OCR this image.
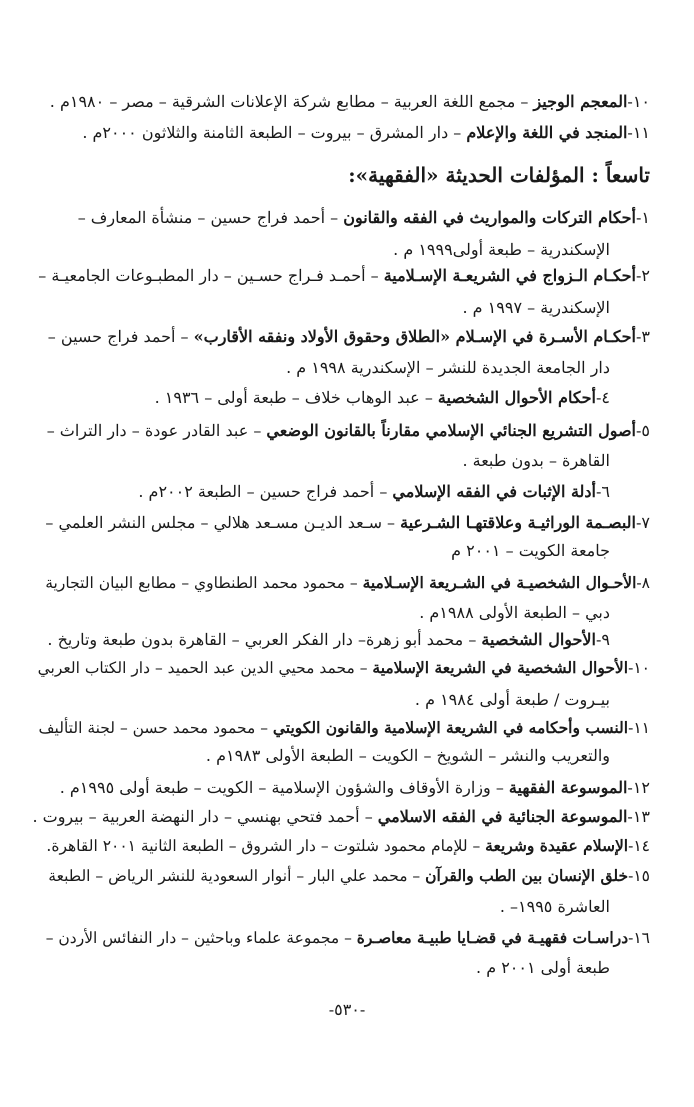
١٠-المعجم الوجيز – مجمع اللغة العربية – مطابع شركة الإعلانات الشرقية – مصر – ١٩٨٠م .
١١-المنجد في اللغة والإعلام – دار المشرق – بيروت – الطبعة الثامنة والثلاثون ٢٠٠٠م .
تاسعاً : المؤلفات الحديثة «الفقهية»:
١-أحكام التركات والمواريث في الفقه والقانون – أحمد فراج حسين – منشأة المعارف –
الإسكندرية – طبعة أولى١٩٩٩ م .
٢-أحكـام الـزواج في الشريعـة الإسـلامية – أحمـد فـراج حسـين – دار المطبـوعات الجامعيـة –
الإسكندرية – ١٩٩٧ م .
٣-أحكـام الأسـرة في الإسـلام «الطلاق وحقوق الأولاد ونفقه الأقارب» – أحمد فراج حسين –
دار الجامعة الجديدة للنشر – الإسكندرية ١٩٩٨ م .
٤-أحكام الأحوال الشخصية – عبد الوهاب خلاف – طبعة أولى – ١٩٣٦ .
٥-أصول التشريع الجنائي الإسلامي مقارناً بالقانون الوضعي – عبد القادر عودة – دار التراث –
القاهرة – بدون طبعة .
٦-أدلة الإثبات في الفقه الإسلامي – أحمد فراج حسين – الطبعة ٢٠٠٢م .
٧-البصـمة الوراثيـة وعلاقتهـا الشـرعية – سـعد الديـن مسـعد هلالي – مجلس النشر العلمي –
جامعة الكويت – ٢٠٠١ م
٨-الأحـوال الشخصيـة في الشـريعة الإسـلامية – محمود محمد الطنطاوي – مطابع البيان التجارية
دبي – الطبعة الأولى ١٩٨٨م .
٩-الأحوال الشخصية – محمد أبو زهرة– دار الفكر العربي – القاهرة بدون طبعة وتاريخ .
١٠-الأحوال الشخصية في الشريعة الإسلامية – محمد محيي الدين عبد الحميد – دار الكتاب العربي
بيـروت / طبعة أولى ١٩٨٤ م .
١١-النسب وأحكامه في الشريعة الإسلامية والقانون الكويتي – محمود محمد حسن – لجنة التأليف
والتعريب والنشر – الشويخ – الكويت – الطبعة الأولى ١٩٨٣م .
١٢-الموسوعة الفقهية – وزارة الأوقاف والشؤون الإسلامية – الكويت – طبعة أولى ١٩٩٥م .
١٣-الموسوعة الجنائية في الفقه الاسلامي – أحمد فتحي بهنسي – دار النهضة العربية – بيروت .
١٤-الإسلام عقيدة وشريعة – للإمام محمود شلتوت – دار الشروق – الطبعة الثانية ٢٠٠١ القاهرة.
١٥-خلق الإنسان بين الطب والقرآن – محمد علي البار – أنوار السعودية للنشر الرياض – الطبعة
العاشرة ١٩٩٥– .
١٦-دراسـات فقهيـة في قضـايا طبيـة معاصـرة – مجموعة علماء وباحثين – دار النفائس الأردن –
طبعة أولى ٢٠٠١ م .
-٥٣٠-
